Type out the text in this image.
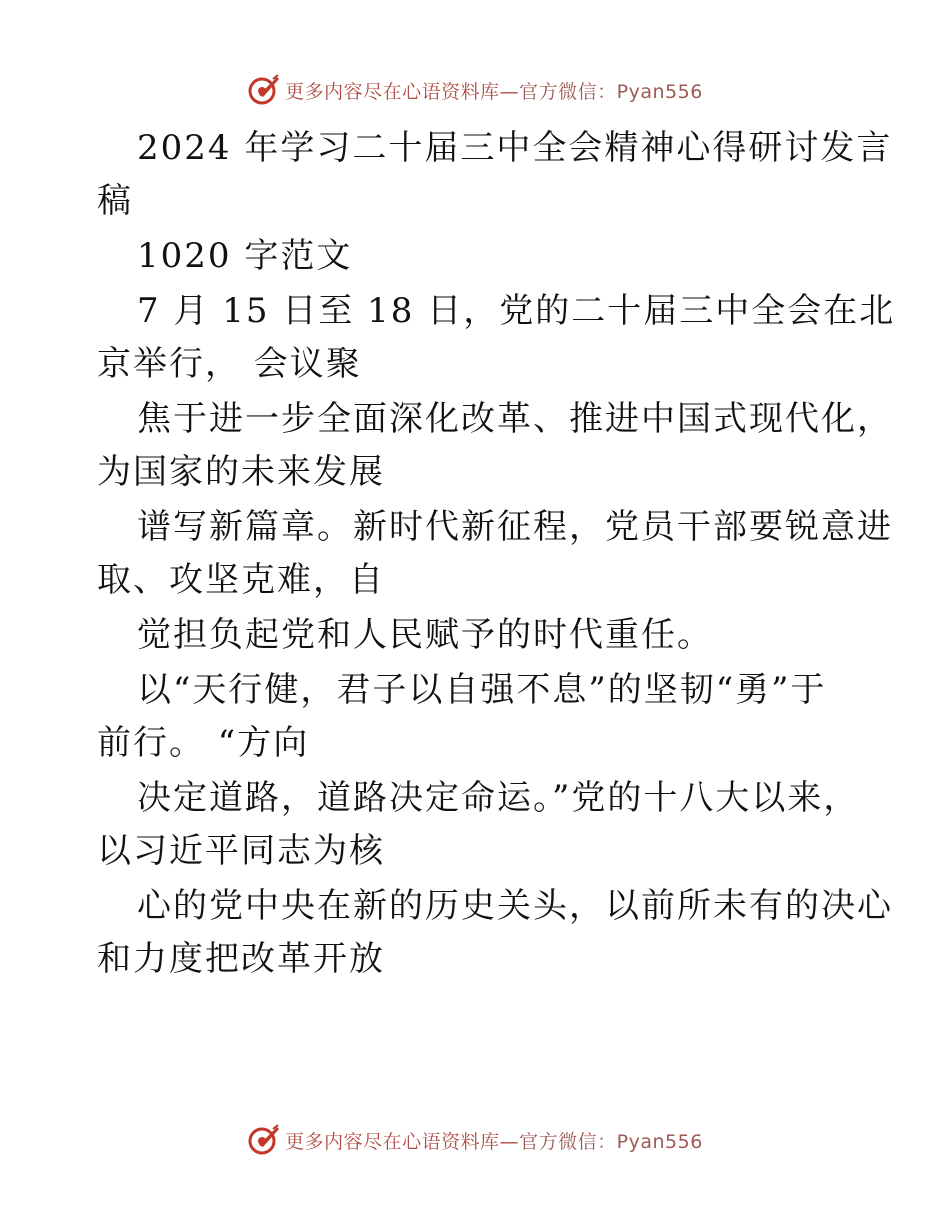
更多内容尽在心语资料库—官方微信：Pyan556
2024 年学习二十届三中全会精神心得研讨发言
稿
1020 字范文
7 月 15 日至 18 日，党的二十届三中全会在北
京举行， 会议聚
焦于进一步全面深化改革、推进中国式现代化，
为国家的未来发展
谱写新篇章。新时代新征程，党员干部要锐意进
取、攻坚克难，自
觉担负起党和人民赋予的时代重任。
以“天行健，君子以自强不息”的坚韧“勇”于
前行。 “方向
决定道路，道路决定命运。”党的十八大以来，
以习近平同志为核
心的党中央在新的历史关头，以前所未有的决心
和力度把改革开放
更多内容尽在心语资料库—官方微信：Pyan556
